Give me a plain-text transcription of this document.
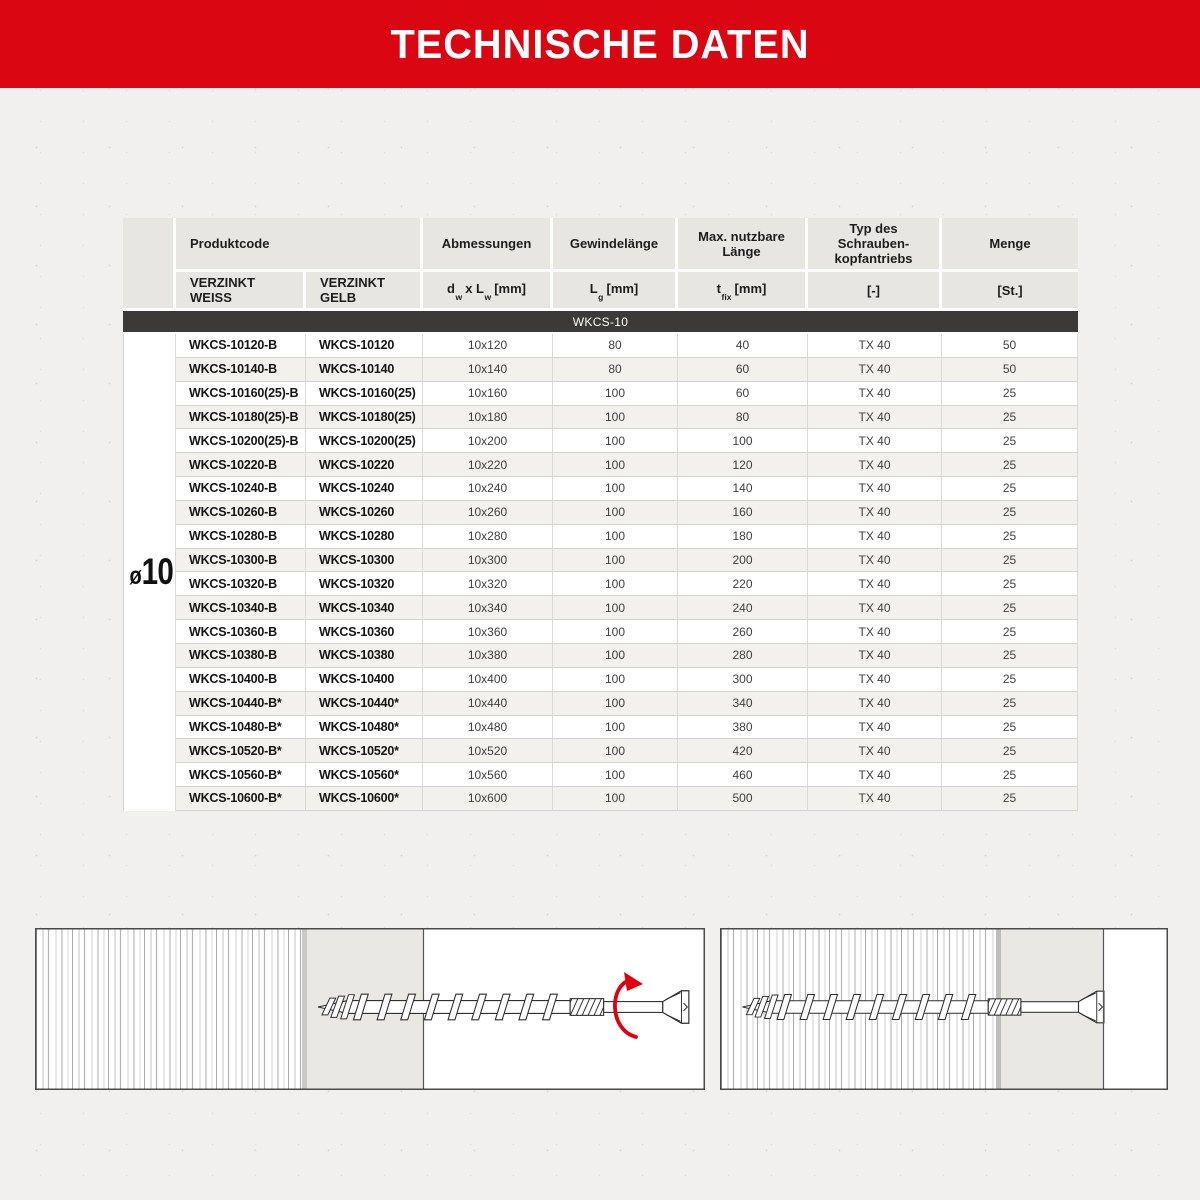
TECHNISCHE DATEN
	Produktcode		Abmessungen	Gewindelänge	Max. nutzbare Länge	Typ des Schrauben-
kopfantriebs	Menge
	VERZINKT WEISS	VERZINKT GELB	$d_w$ x $L_w$ [mm]	$L_g$ [mm]	$t_{fix}$ [mm]	[-]	[St.]
WKCS-10							
ø10	WKCS-10120-B	WKCS-10120	10x120	80	40	TX 40	50
	WKCS-10140-B	WKCS-10140	10x140	80	60	TX 40	50
	WKCS-10160(25)-B	WKCS-10160(25)	10x160	100	60	TX 40	25
	WKCS-10180(25)-B	WKCS-10180(25)	10x180	100	80	TX 40	25
	WKCS-10200(25)-B	WKCS-10200(25)	10x200	100	100	TX 40	25
	WKCS-10220-B	WKCS-10220	10x220	100	120	TX 40	25
	WKCS-10240-B	WKCS-10240	10x240	100	140	TX 40	25
	WKCS-10260-B	WKCS-10260	10x260	100	160	TX 40	25
	WKCS-10280-B	WKCS-10280	10x280	100	180	TX 40	25
	WKCS-10300-B	WKCS-10300	10x300	100	200	TX 40	25
	WKCS-10320-B	WKCS-10320	10x320	100	220	TX 40	25
	WKCS-10340-B	WKCS-10340	10x340	100	240	TX 40	25
	WKCS-10360-B	WKCS-10360	10x360	100	260	TX 40	25
	WKCS-10380-B	WKCS-10380	10x380	100	280	TX 40	25
	WKCS-10400-B	WKCS-10400	10x400	100	300	TX 40	25
	WKCS-10440-B*	WKCS-10440*	10x440	100	340	TX 40	25
	WKCS-10480-B*	WKCS-10480*	10x480	100	380	TX 40	25
	WKCS-10520-B*	WKCS-10520*	10x520	100	420	TX 40	25
	WKCS-10560-B*	WKCS-10560*	10x560	100	460	TX 40	25
	WKCS-10600-B*	WKCS-10600*	10x600	100	500	TX 40	25
